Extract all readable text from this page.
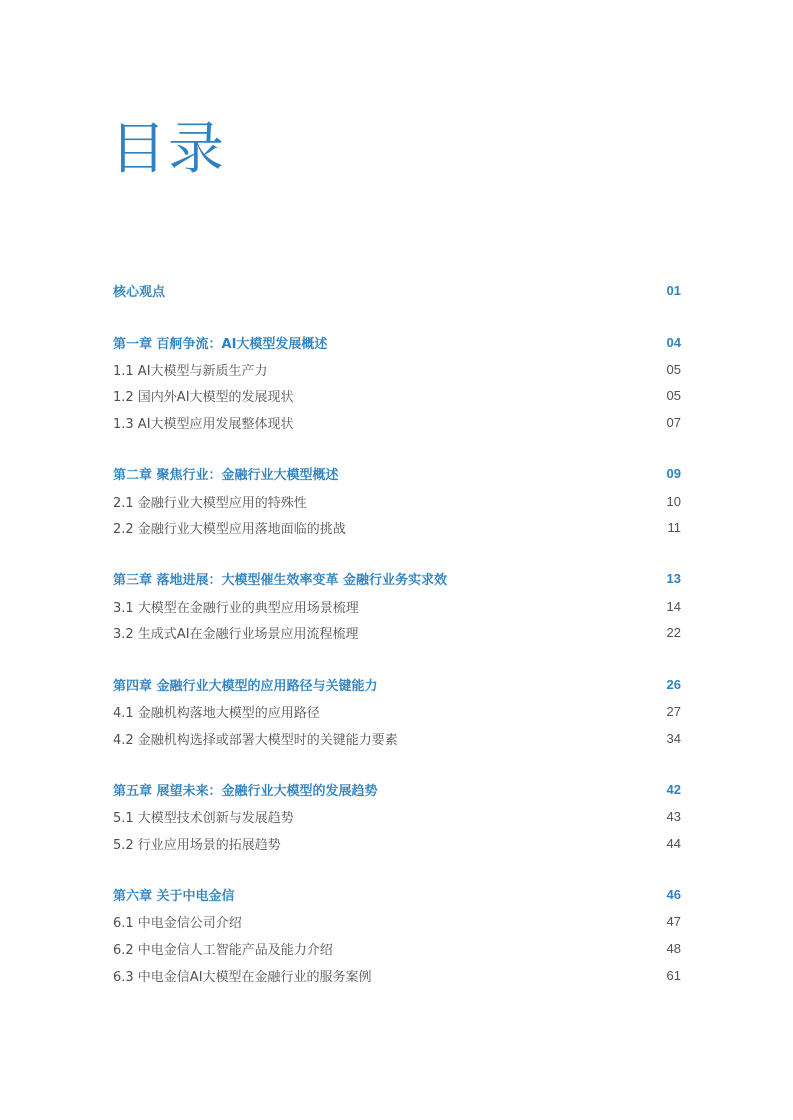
目录
核心观点	01
第一章 百舸争流：AI大模型发展概述	04
1.1 AI大模型与新质生产力	05
1.2 国内外AI大模型的发展现状	05
1.3 AI大模型应用发展整体现状	07
第二章 聚焦行业：金融行业大模型概述	09
2.1 金融行业大模型应用的特殊性	10
2.2 金融行业大模型应用落地面临的挑战	11
第三章 落地进展：大模型催生效率变革 金融行业务实求效	13
3.1 大模型在金融行业的典型应用场景梳理	14
3.2 生成式AI在金融行业场景应用流程梳理	22
第四章 金融行业大模型的应用路径与关键能力	26
4.1 金融机构落地大模型的应用路径	27
4.2 金融机构选择或部署大模型时的关键能力要素	34
第五章 展望未来：金融行业大模型的发展趋势	42
5.1 大模型技术创新与发展趋势	43
5.2 行业应用场景的拓展趋势	44
第六章 关于中电金信	46
6.1 中电金信公司介绍	47
6.2 中电金信人工智能产品及能力介绍	48
6.3 中电金信AI大模型在金融行业的服务案例	61
